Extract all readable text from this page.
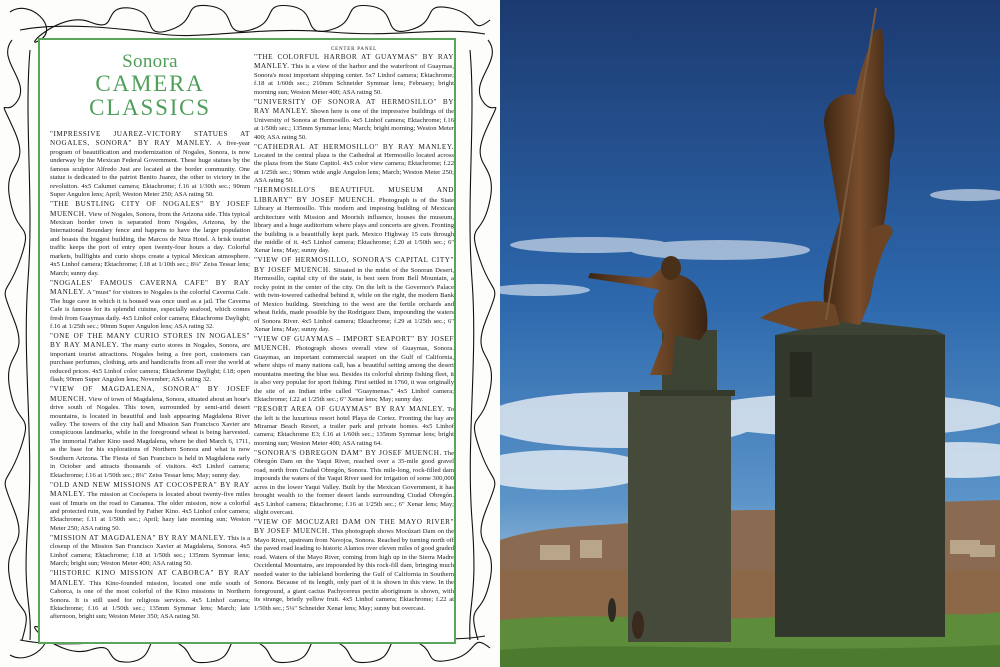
Sonora
CAMERA CLASSICS

"IMPRESSIVE JUAREZ-VICTORY STATUES AT NOGALES, SONORA" BY RAY MANLEY. A five-year program of beautification and modernization of Nogales, Sonora, is now underway by the Mexican Federal Government. These huge statues by the famous sculptor Alfredo Just are located at the border community. One statue is dedicated to the patriot Benito Juarez, the other to victory in the revolution. 4x5 Calumet camera; Ektachrome; f.16 at 1/30th sec.; 90mm Super Angulon lens; April; Weston Meter 250; ASA rating 50.

"THE BUSTLING CITY OF NOGALES" BY JOSEF MUENCH. View of Nogales, Sonora, from the Arizona side. This typical Mexican border town is separated from Nogales, Arizona, by the International Boundary fence and happens to have the larger population and boasts the biggest building, the Marcos de Niza Hotel. A brisk tourist traffic keeps the port of entry open twenty-four hours a day. Colorful markets, bullfights and curio shops create a typical Mexican atmosphere. 4x5 Linhof camera; Ektachrome; f.18 at 1/10th sec.; 8¼" Zeiss Tessar lens; March; sunny day.

"NOGALES' FAMOUS CAVERNA CAFE" BY RAY MANLEY. A "must" for visitors to Nogales is the colorful Caverna Cafe. The huge cave in which it is housed was once used as a jail. The Caverna Cafe is famous for its splendid cuisine, especially seafood, which comes fresh from Guaymas daily. 4x5 Linhof color camera; Ektachrome Daylight; f.16 at 1/25th sec.; 90mm Super Angulon lens; ASA rating 32.

"ONE OF THE MANY CURIO STORES IN NOGALES" BY RAY MANLEY. The many curio stores in Nogales, Sonora, are important tourist attractions. Nogales being a free port, customers can purchase perfumes, clothing, arts and handicrafts from all over the world at reduced prices. 4x5 Linhof color camera; Ektachrome Daylight; f.18; open flash; 90mm Super Angulon lens; November; ASA rating 32.

"VIEW OF MAGDALENA, SONORA" BY JOSEF MUENCH. View of town of Magdalena, Sonora, situated about an hour's drive south of Nogales. This town, surrounded by semi-arid desert mountains, is located in beautiful and lush appearing Magdalena River valley. The towers of the city hall and Mission San Francisco Xavier are conspicuous landmarks, while in the foreground wheat is being harvested. The immortal Father Kino used Magdalena, where he died March 6, 1711, as the base for his explorations of Northern Sonora and what is now Southern Arizona. The Fiesta of San Francisco is held in Magdalena early in October and attracts thousands of visitors. 4x5 Linhof camera; Ektachrome; f.16 at 1/50th sec.; 8¼" Zeiss Tessar lens; May; sunny day.

"OLD AND NEW MISSIONS AT COCOSPERA" BY RAY MANLEY. The mission at Cocóspera is located about twenty-five miles east of Imuris on the road to Cananea. The older mission, now a colorful and protected ruin, was founded by Father Kino. 4x5 Linhof color camera; Ektachrome; f.11 at 1/50th sec.; April; hazy late morning sun; Weston Meter 250; ASA rating 50.

"MISSION AT MAGDALENA" BY RAY MANLEY. This is a closeup of the Mission San Francisco Xavier at Magdalena, Sonora. 4x5 Linhof camera; Ektachrome; f.18 at 1/50th sec.; 135mm Symmar lens; March; bright sun; Weston Meter 400; ASA rating 50.

"HISTORIC KINO MISSION AT CABORCA" BY RAY MANLEY. This Kino-founded mission, located one mile south of Caborca, is one of the most colorful of the Kino missions in Northern Sonora. It is still used for religious services. 4x5 Linhof camera; Ektachrome; f.16 at 1/50th sec.; 135mm Symmar lens; March; late afternoon, bright sun; Weston Meter 350; ASA rating 50.

CENTER PANEL

"THE COLORFUL HARBOR AT GUAYMAS" BY RAY MANLEY. This is a view of the harbor and the waterfront of Guaymas, Sonora's most important shipping center. 5x7 Linhof camera; Ektachrome; f.18 at 1/60th sec.; 210mm Schneider Symmar lens; February; bright morning sun; Weston Meter 400; ASA rating 50.

"UNIVERSITY OF SONORA AT HERMOSILLO" BY RAY MANLEY. Shown here is one of the impressive buildings of the University of Sonora at Hermosillo. 4x5 Linhof camera; Ektachrome; f.16 at 1/50th sec.; 135mm Symmar lens; March; bright morning; Weston Meter 400; ASA rating 50.

"CATHEDRAL AT HERMOSILLO" BY RAY MANLEY. Located in the central plaza is the Cathedral at Hermosillo located across the plaza from the State Capitol. 4x5 color view camera; Ektachrome; f.22 at 1/25th sec.; 90mm wide angle Angulon lens; March; Weston Meter 250; ASA rating 50.

"HERMOSILLO'S BEAUTIFUL MUSEUM AND LIBRARY" BY JOSEF MUENCH. Photograph is of the State Library at Hermosillo. This modern and imposing building of Mexican architecture with Mission and Moorish influence, houses the museum, library and a huge auditorium where plays and concerts are given. Fronting the building is a beautifully kept park. Mexico Highway 15 cuts through the middle of it. 4x5 Linhof camera; Ektachrome; f.20 at 1/50th sec.; 6" Xenar lens; May; sunny day.

"VIEW OF HERMOSILLO, SONORA'S CAPITAL CITY" BY JOSEF MUENCH. Situated in the midst of the Sonoran Desert, Hermosillo, capital city of the state, is best seen from Bell Mountain, a rocky point in the center of the city. On the left is the Governor's Palace with twin-towered cathedral behind it, while on the right, the modern Bank of Mexico building. Stretching to the west are the fertile orchards and wheat fields, made possible by the Rodriguez Dam, impounding the waters of Sonora River. 4x5 Linhof camera; Ektachrome; f.29 at 1/25th sec.; 6" Xenar lens; May; sunny day.

"VIEW OF GUAYMAS – IMPORT SEAPORT" BY JOSEF MUENCH. Photograph shows overall view of Guaymas, Sonora. Guaymas, an important commercial seaport on the Gulf of California, where ships of many nations call, has a beautiful setting among the desert mountains meeting the blue sea. Besides its colorful shrimp fishing fleet, it is also very popular for sport fishing. First settled in 1760, it was originally the site of an Indian tribe called "Guaymenas." 4x5 Linhof camera; Ektachrome; f.22 at 1/25th sec.; 6" Xenar lens; May; sunny day.

"RESORT AREA OF GUAYMAS" BY RAY MANLEY. To the left is the luxurious resort hotel Playa de Cortez. Fronting the bay are Miramar Beach Resort, a trailer park and private homes. 4x5 Linhof camera; Ektachrome E3; f.16 at 1/60th sec.; 135mm Symmar lens; bright morning sun; Weston Meter 400; ASA rating 64.

"SONORA'S OBREGON DAM" BY JOSEF MUENCH. The Obregón Dam on the Yaqui River, reached over a 35-mile good gravel road, north from Ciudad Obregón, Sonora. This mile-long, rock-filled dam impounds the waters of the Yaqui River used for irrigation of some 300,000 acres in the lower Yaqui Valley. Built by the Mexican Government, it has brought wealth to the former desert lands surrounding Ciudad Obregón. 4x5 Linhof camera; Ektachrome; f.16 at 1/25th sec.; 6" Xenar lens; May; slight overcast.

"VIEW OF MOCUZARI DAM ON THE MAYO RIVER" BY JOSEF MUENCH. This photograph shows Mocúzari Dam on the Mayo River, upstream from Navojoa, Sonora. Reached by turning north off the paved road leading to historic Alamos over eleven miles of good graded road. Waters of the Mayo River, coming from high up in the Sierra Madre Occidental Mountains, are impounded by this rock-fill dam, bringing much needed water to the tableland bordering the Gulf of California in Southern Sonora. Because of its length, only part of it is shown in this view. In the foreground, a giant cactus Pachycereus pectin aboriginum is shown, with its strange, bristly yellow fruit. 4x5 Linhof camera; Ektachrome; f.22 at 1/50th sec.; 5¼" Schneider Xenar lens; May; sunny but overcast.
